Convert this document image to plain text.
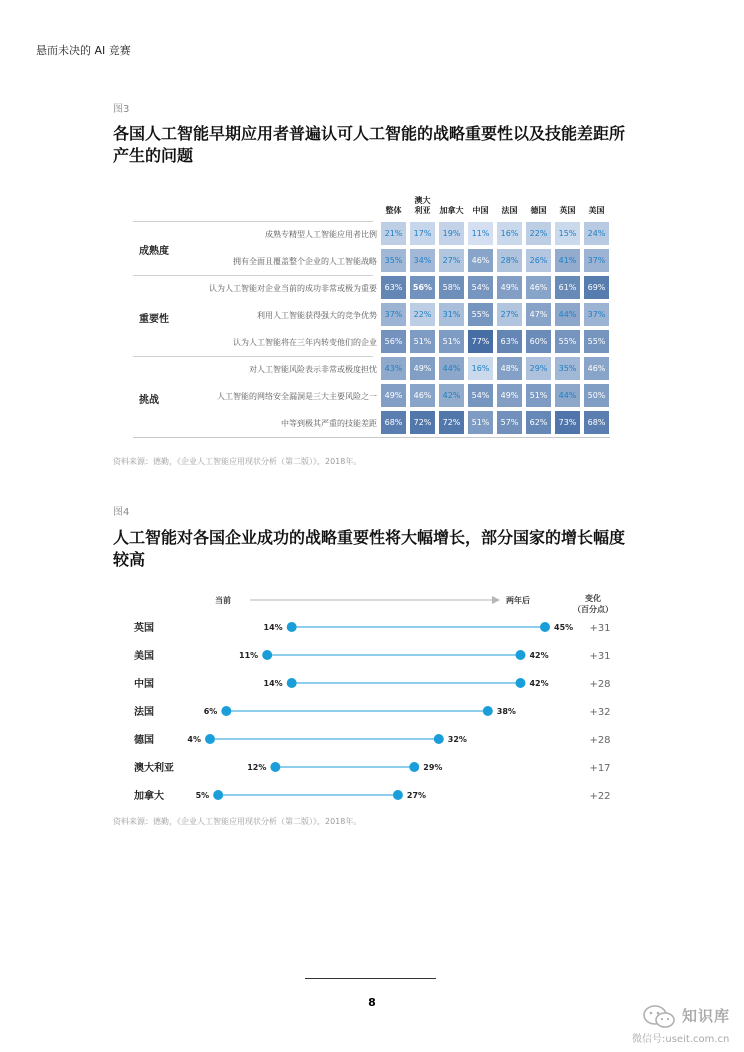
悬而未决的 AI 竞赛
图3
各国人工智能早期应用者普遍认可人工智能的战略重要性以及技能差距所产生的问题
整体
澳大
利亚	加拿大	中国	法国	德国	英国	美国
成熟度
成熟专精型人工智能应用者比例 21%	17%	19%	11%	16%	22%	15%	24%
拥有全面且覆盖整个企业的人工智能战略 35%	34%	27%	46%	28%	26%	41%	37%
重要性
认为人工智能对企业当前的成功非常或极为重要 63%	56%	58%	54%	49%	46%	61%	69%
利用人工智能获得强大的竞争优势 37%	22%	31%	55%	27%	47%	44%	37%
认为人工智能将在三年内转变他们的企业 56%	51%	51%	77%	63%	60%	55%	55%
挑战
对人工智能风险表示非常或极度担忧 43%	49%	44%	16%	48%	29%	35%	46%
人工智能的网络安全漏洞是三大主要风险之一 49%	46%	42%	54%	49%	51%	44%	50%
中等到极其严重的技能差距 68%	72%	72%	51%	57%	62%	73%	68%
资料来源：德勤，《企业人工智能应用现状分析（第二版）》，2018年。
图4
人工智能对各国企业成功的战略重要性将大幅增长，部分国家的增长幅度较高
当前	两年后	变化
（百分点）
英国	14%	45% +31
美国	11%	42%	+31
中国	14%	42%	+28
法国	6%	38%	+32
德国	4%	32%	+28
澳大利亚	12%	29%	+17
加拿大	5%	27%	+22
资料来源：德勤，《企业人工智能应用现状分析（第二版）》，2018年。
8
知识库
微信号:useit.com.cn
